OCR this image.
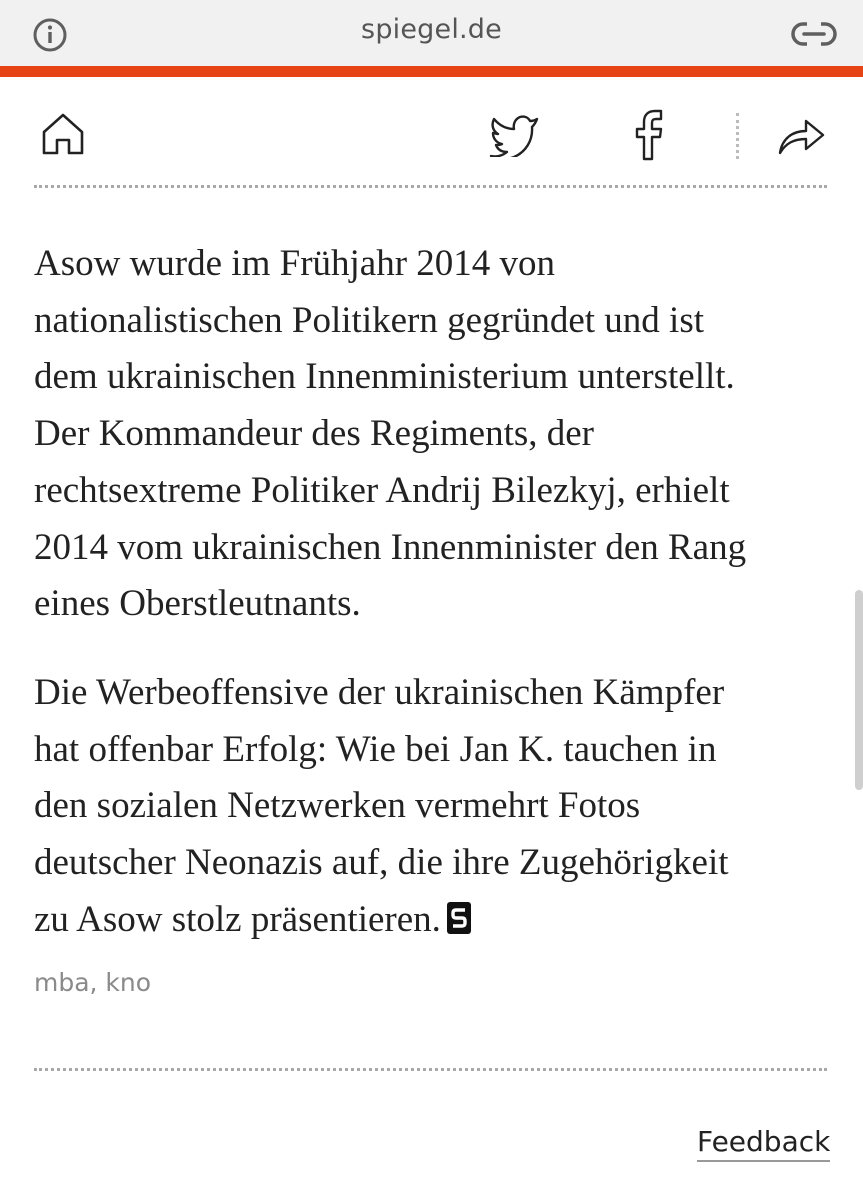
spiegel.de

Asow wurde im Frühjahr 2014 von
nationalistischen Politikern gegründet und ist
dem ukrainischen Innenministerium unterstellt.
Der Kommandeur des Regiments, der
rechtsextreme Politiker Andrij Bilezkyj, erhielt
2014 vom ukrainischen Innenminister den Rang
eines Oberstleutnants.

Die Werbeoffensive der ukrainischen Kämpfer
hat offenbar Erfolg: Wie bei Jan K. tauchen in
den sozialen Netzwerken vermehrt Fotos
deutscher Neonazis auf, die ihre Zugehörigkeit
zu Asow stolz präsentieren.

mba, kno
Feedback
